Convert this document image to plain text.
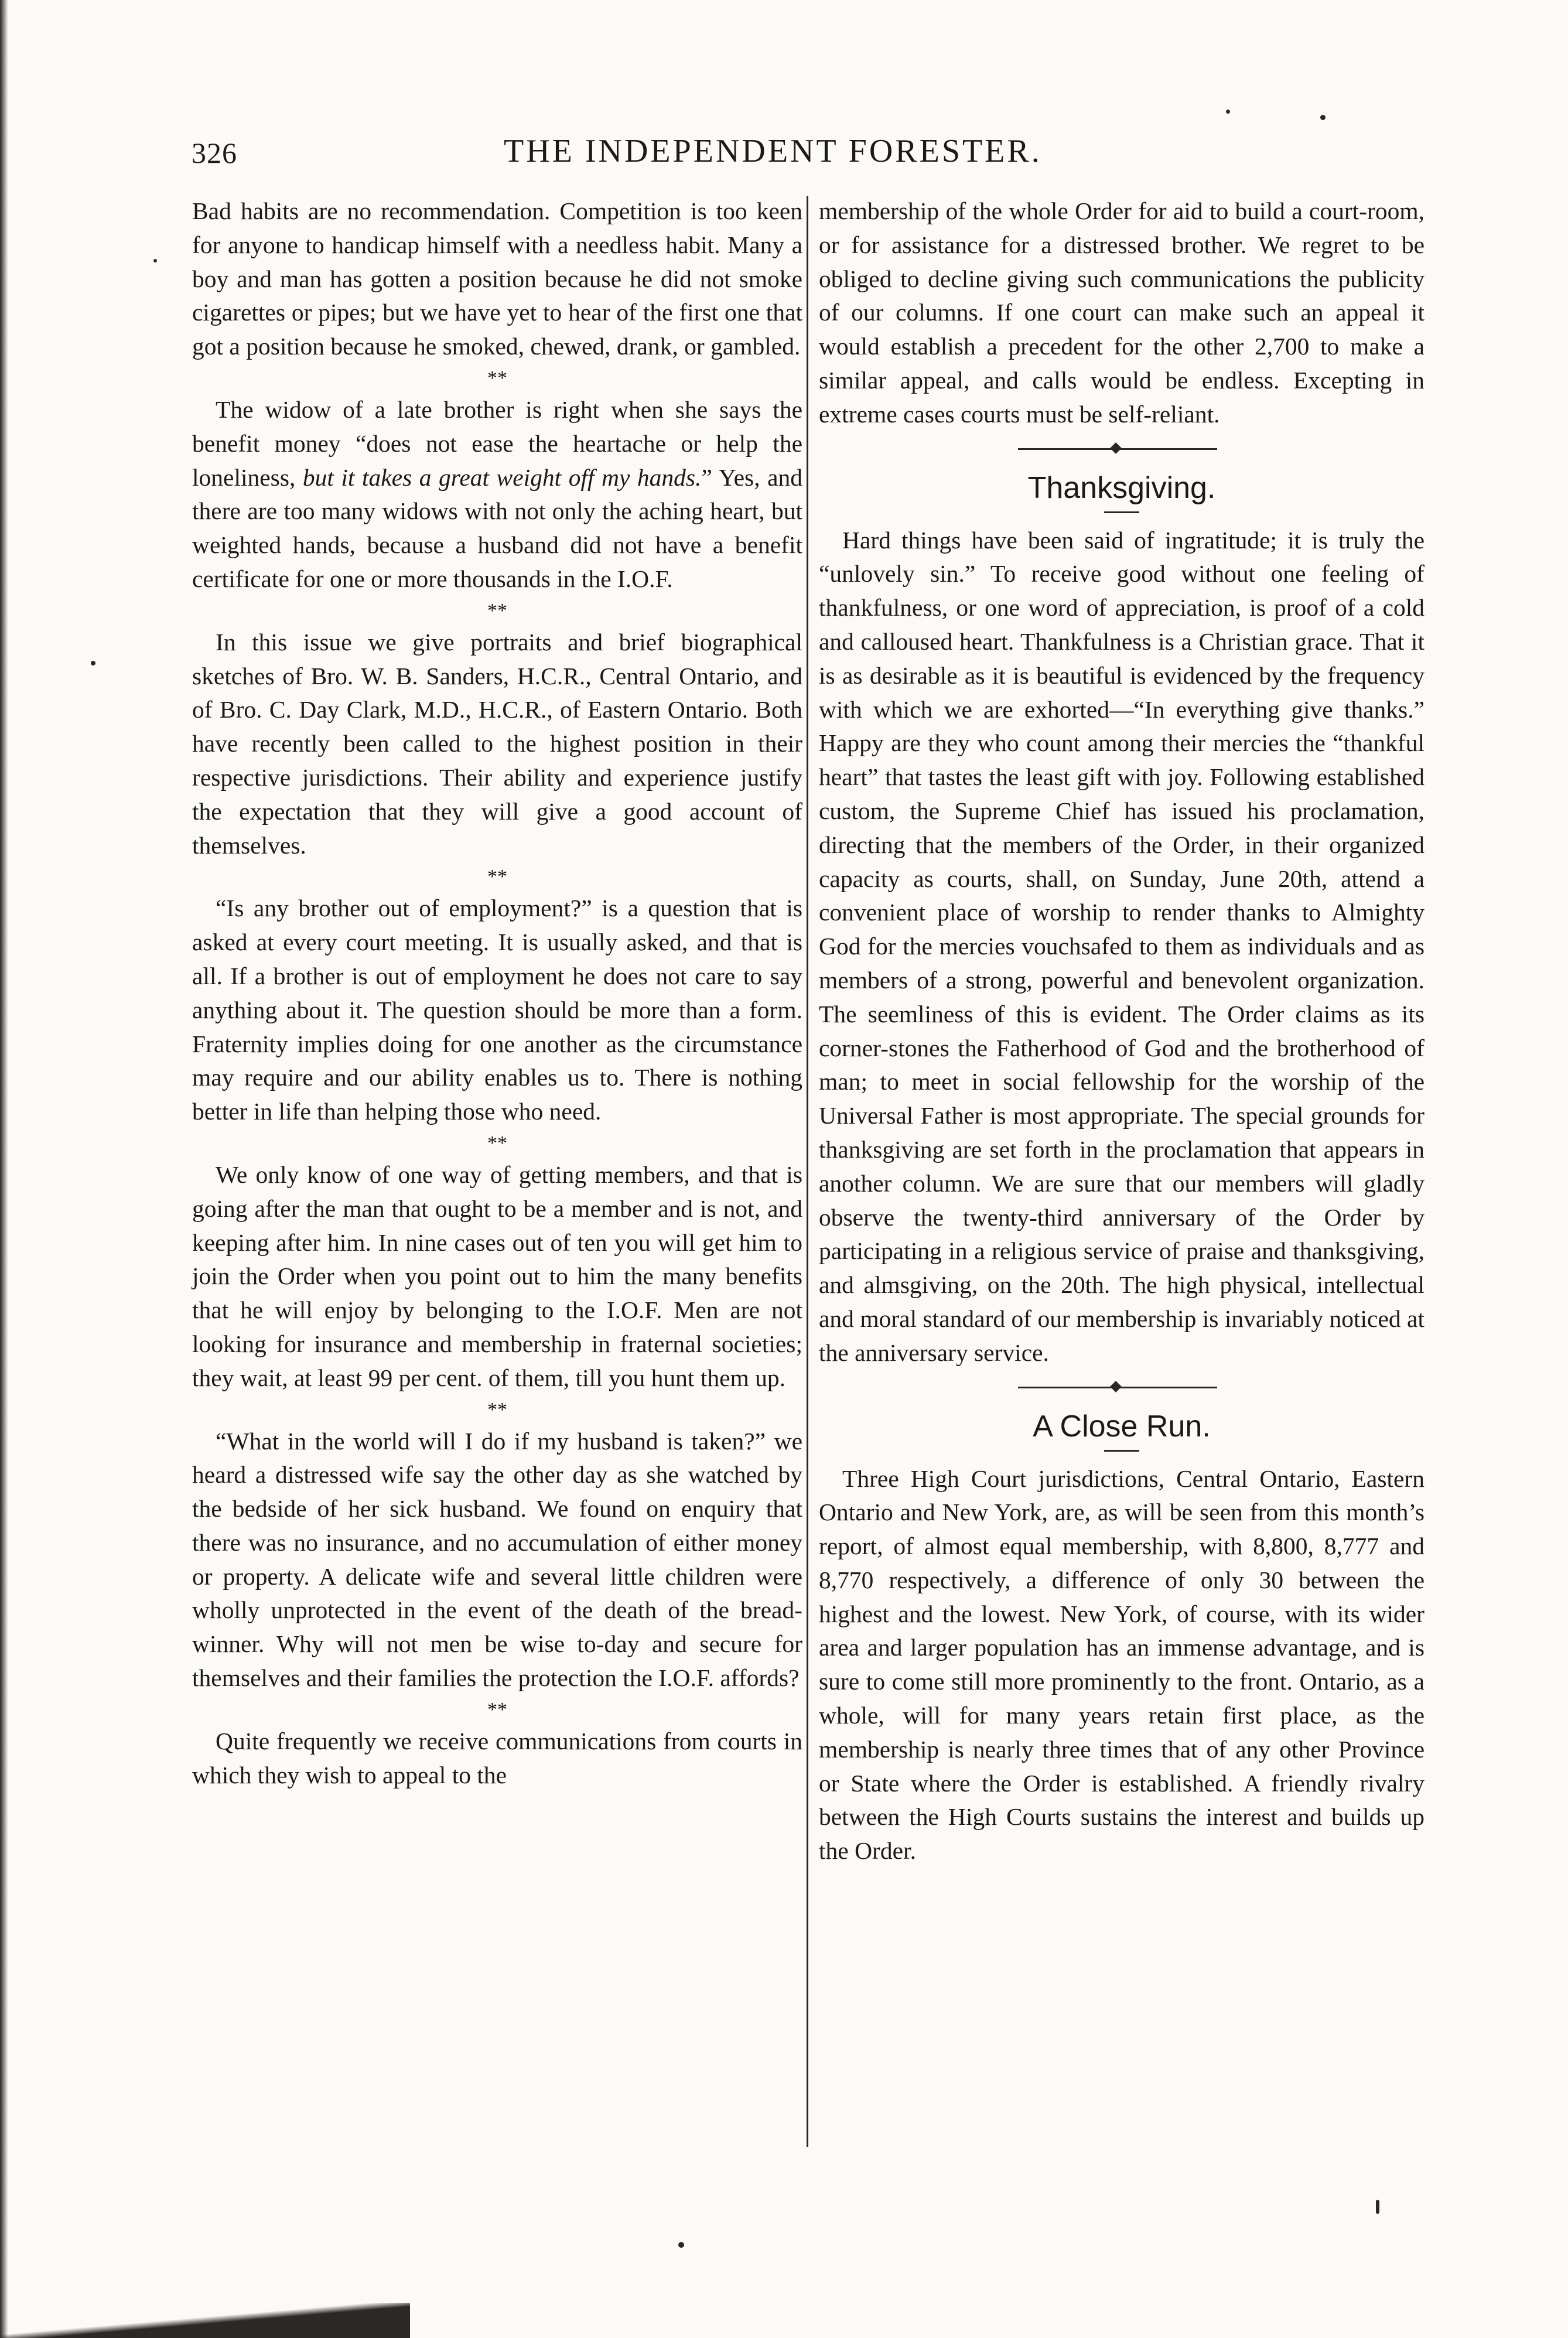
326	THE INDEPENDENT FORESTER.

Bad habits are no recommendation. Competition is too keen for anyone to handicap himself with a needless habit. Many a boy and man has gotten a position because he did not smoke cigarettes or pipes; but we have yet to hear of the first one that got a position because he smoked, chewed, drank, or gambled.

**

The widow of a late brother is right when she says the benefit money “does not ease the heartache or help the loneliness, but it takes a great weight off my hands.” Yes, and there are too many widows with not only the aching heart, but weighted hands, because a husband did not have a benefit certificate for one or more thousands in the I.O.F.

**

In this issue we give portraits and brief biographical sketches of Bro. W. B. Sanders, H.C.R., Central Ontario, and of Bro. C. Day Clark, M.D., H.C.R., of Eastern Ontario. Both have recently been called to the highest position in their respective jurisdictions. Their ability and experience justify the expectation that they will give a good account of themselves.

**

“Is any brother out of employment?” is a question that is asked at every court meeting. It is usually asked, and that is all. If a brother is out of employment he does not care to say anything about it. The question should be more than a form. Fraternity implies doing for one another as the circumstance may require and our ability enables us to. There is nothing better in life than helping those who need.

**

We only know of one way of getting members, and that is going after the man that ought to be a member and is not, and keeping after him. In nine cases out of ten you will get him to join the Order when you point out to him the many benefits that he will enjoy by belonging to the I.O.F. Men are not looking for insurance and membership in fraternal societies; they wait, at least 99 per cent. of them, till you hunt them up.

**

“What in the world will I do if my husband is taken?” we heard a distressed wife say the other day as she watched by the bedside of her sick husband. We found on enquiry that there was no insurance, and no accumulation of either money or property. A delicate wife and several little children were wholly unprotected in the event of the death of the bread-winner. Why will not men be wise to-day and secure for themselves and their families the protection the I.O.F. affords?

**

Quite frequently we receive communications from courts in which they wish to appeal to the

membership of the whole Order for aid to build a court-room, or for assistance for a distressed brother. We regret to be obliged to decline giving such communications the publicity of our columns. If one court can make such an appeal it would establish a precedent for the other 2,700 to make a similar appeal, and calls would be endless. Excepting in extreme cases courts must be self-reliant.

Thanksgiving.

Hard things have been said of ingratitude; it is truly the “unlovely sin.” To receive good without one feeling of thankfulness, or one word of appreciation, is proof of a cold and calloused heart. Thankfulness is a Christian grace. That it is as desirable as it is beautiful is evidenced by the frequency with which we are exhorted—“In everything give thanks.” Happy are they who count among their mercies the “thankful heart” that tastes the least gift with joy. Following established custom, the Supreme Chief has issued his proclamation, directing that the members of the Order, in their organized capacity as courts, shall, on Sunday, June 20th, attend a convenient place of worship to render thanks to Almighty God for the mercies vouchsafed to them as individuals and as members of a strong, powerful and benevolent organization. The seemliness of this is evident. The Order claims as its corner-stones the Fatherhood of God and the brotherhood of man; to meet in social fellowship for the worship of the Universal Father is most appropriate. The special grounds for thanksgiving are set forth in the proclamation that appears in another column. We are sure that our members will gladly observe the twenty-third anniversary of the Order by participating in a religious service of praise and thanksgiving, and almsgiving, on the 20th. The high physical, intellectual and moral standard of our membership is invariably noticed at the anniversary service.

A Close Run.

Three High Court jurisdictions, Central Ontario, Eastern Ontario and New York, are, as will be seen from this month’s report, of almost equal membership, with 8,800, 8,777 and 8,770 respectively, a difference of only 30 between the highest and the lowest. New York, of course, with its wider area and larger population has an immense advantage, and is sure to come still more prominently to the front. Ontario, as a whole, will for many years retain first place, as the membership is nearly three times that of any other Province or State where the Order is established. A friendly rivalry between the High Courts sustains the interest and builds up the Order.
